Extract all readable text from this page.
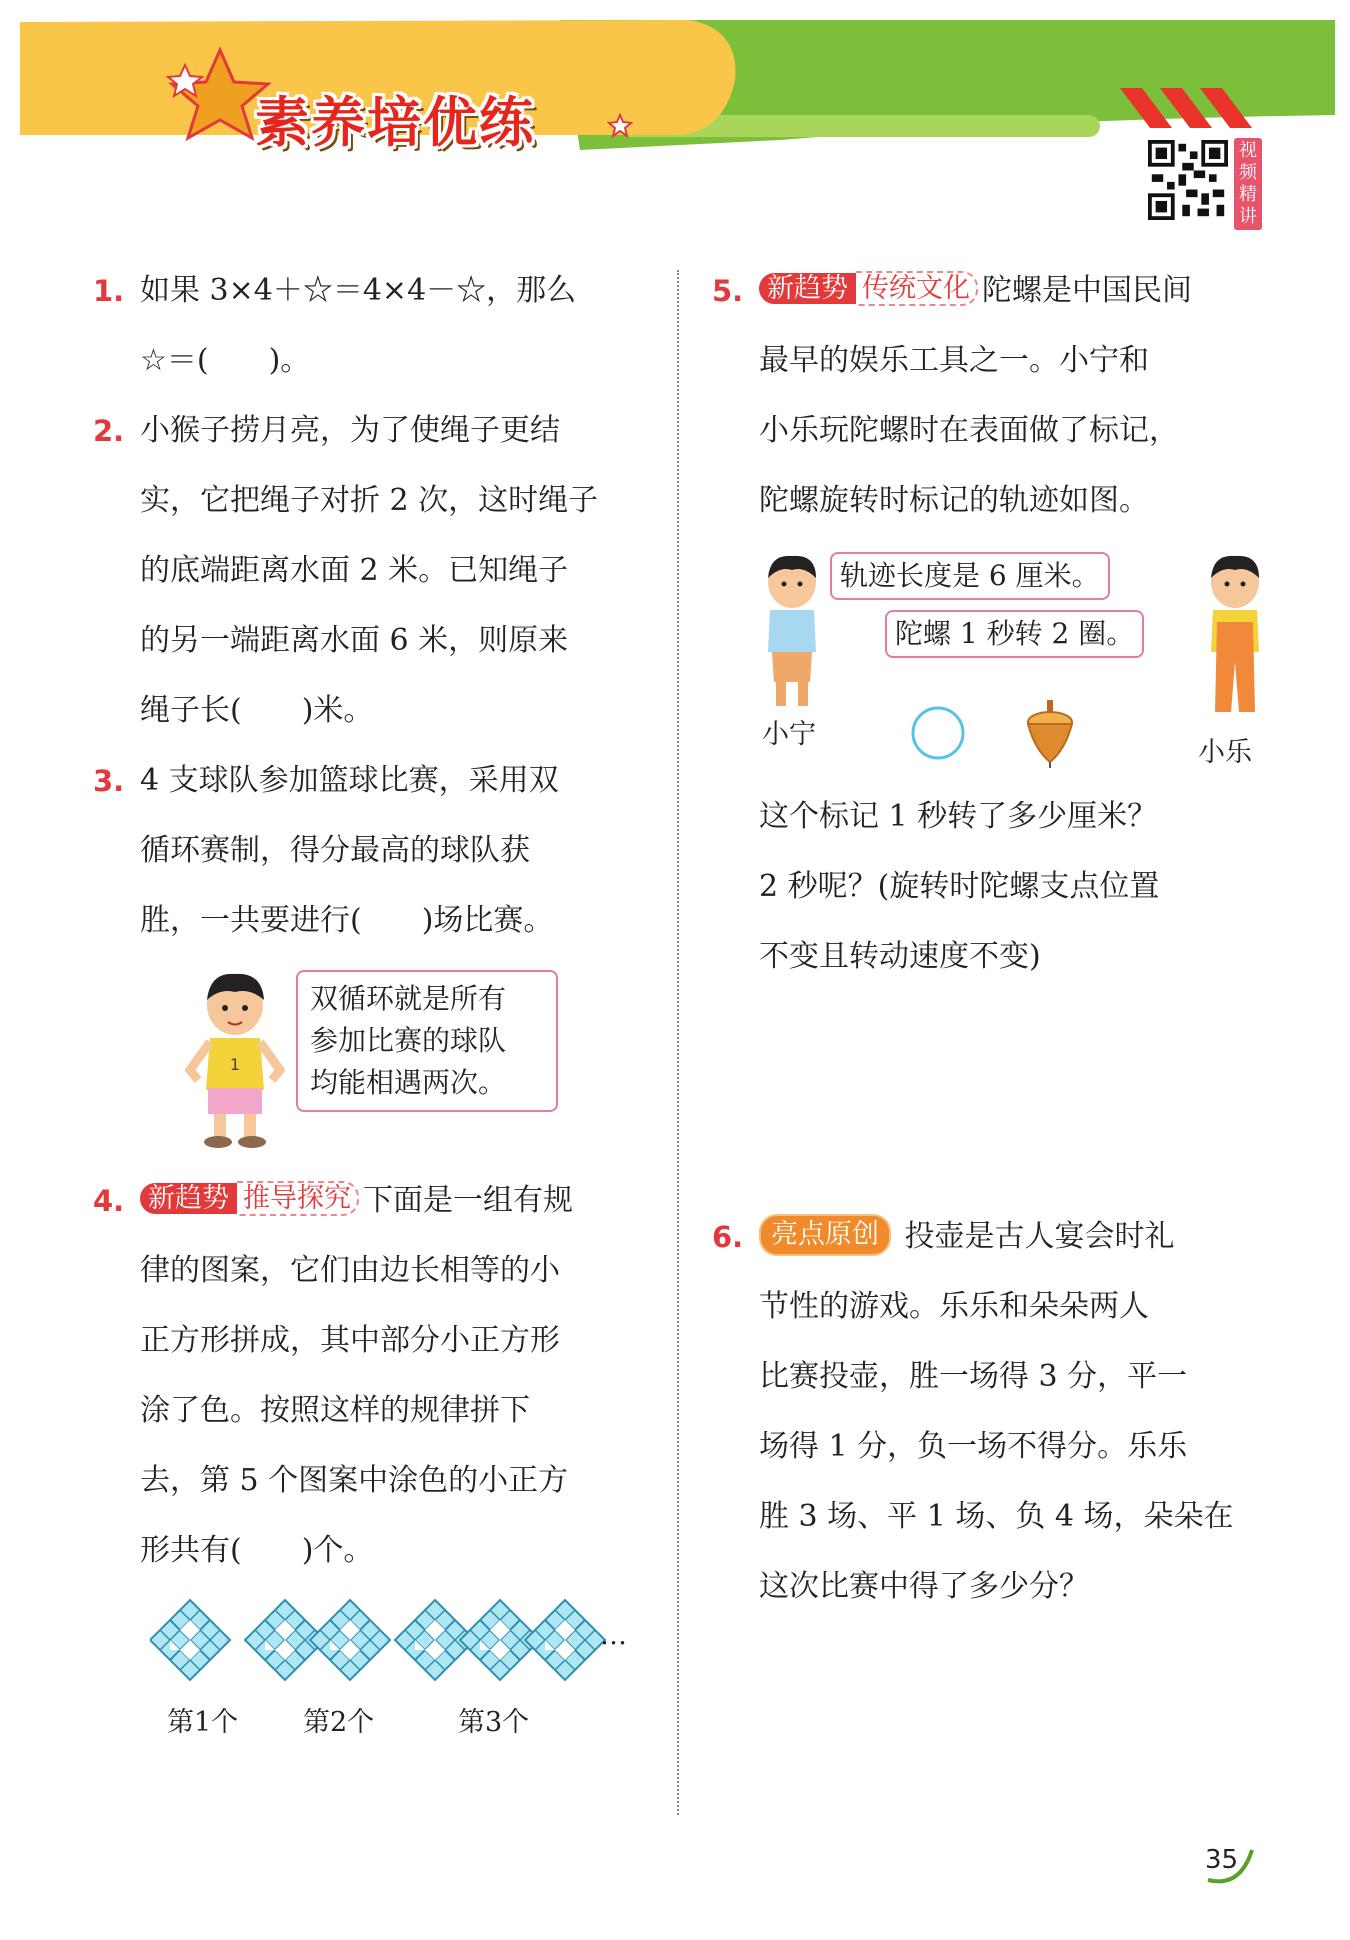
素养培优练	视频精讲
1. 如果 3×4＋☆＝4×4－☆，那么
☆＝(　　)。
2. 小猴子捞月亮，为了使绳子更结
实，它把绳子对折 2 次，这时绳子
的底端距离水面 2 米。已知绳子
的另一端距离水面 6 米，则原来
绳子长(　　)米。
3. 4 支球队参加篮球比赛，采用双
循环赛制，得分最高的球队获
胜，一共要进行(　　)场比赛。
1
双循环就是所有
参加比赛的球队
均能相遇两次。
4. 新趋势 推导探究 下面是一组有规
律的图案，它们由边长相等的小
正方形拼成，其中部分小正方形
涂了色。按照这样的规律拼下
去，第 5 个图案中涂色的小正方
形共有(　　)个。
…
第1个 第2个	第3个
5. 新趋势 传统文化 陀螺是中国民间
最早的娱乐工具之一。小宁和
小乐玩陀螺时在表面做了标记，
陀螺旋转时标记的轨迹如图。
轨迹长度是 6 厘米。
陀螺 1 秒转 2 圈。
小宁
小乐
这个标记 1 秒转了多少厘米？
2 秒呢？(旋转时陀螺支点位置
不变且转动速度不变)
6.	亮点原创 投壶是古人宴会时礼
节性的游戏。乐乐和朵朵两人
比赛投壶，胜一场得 3 分，平一
场得 1 分，负一场不得分。乐乐
胜 3 场、平 1 场、负 4 场，朵朵在
这次比赛中得了多少分？
35
